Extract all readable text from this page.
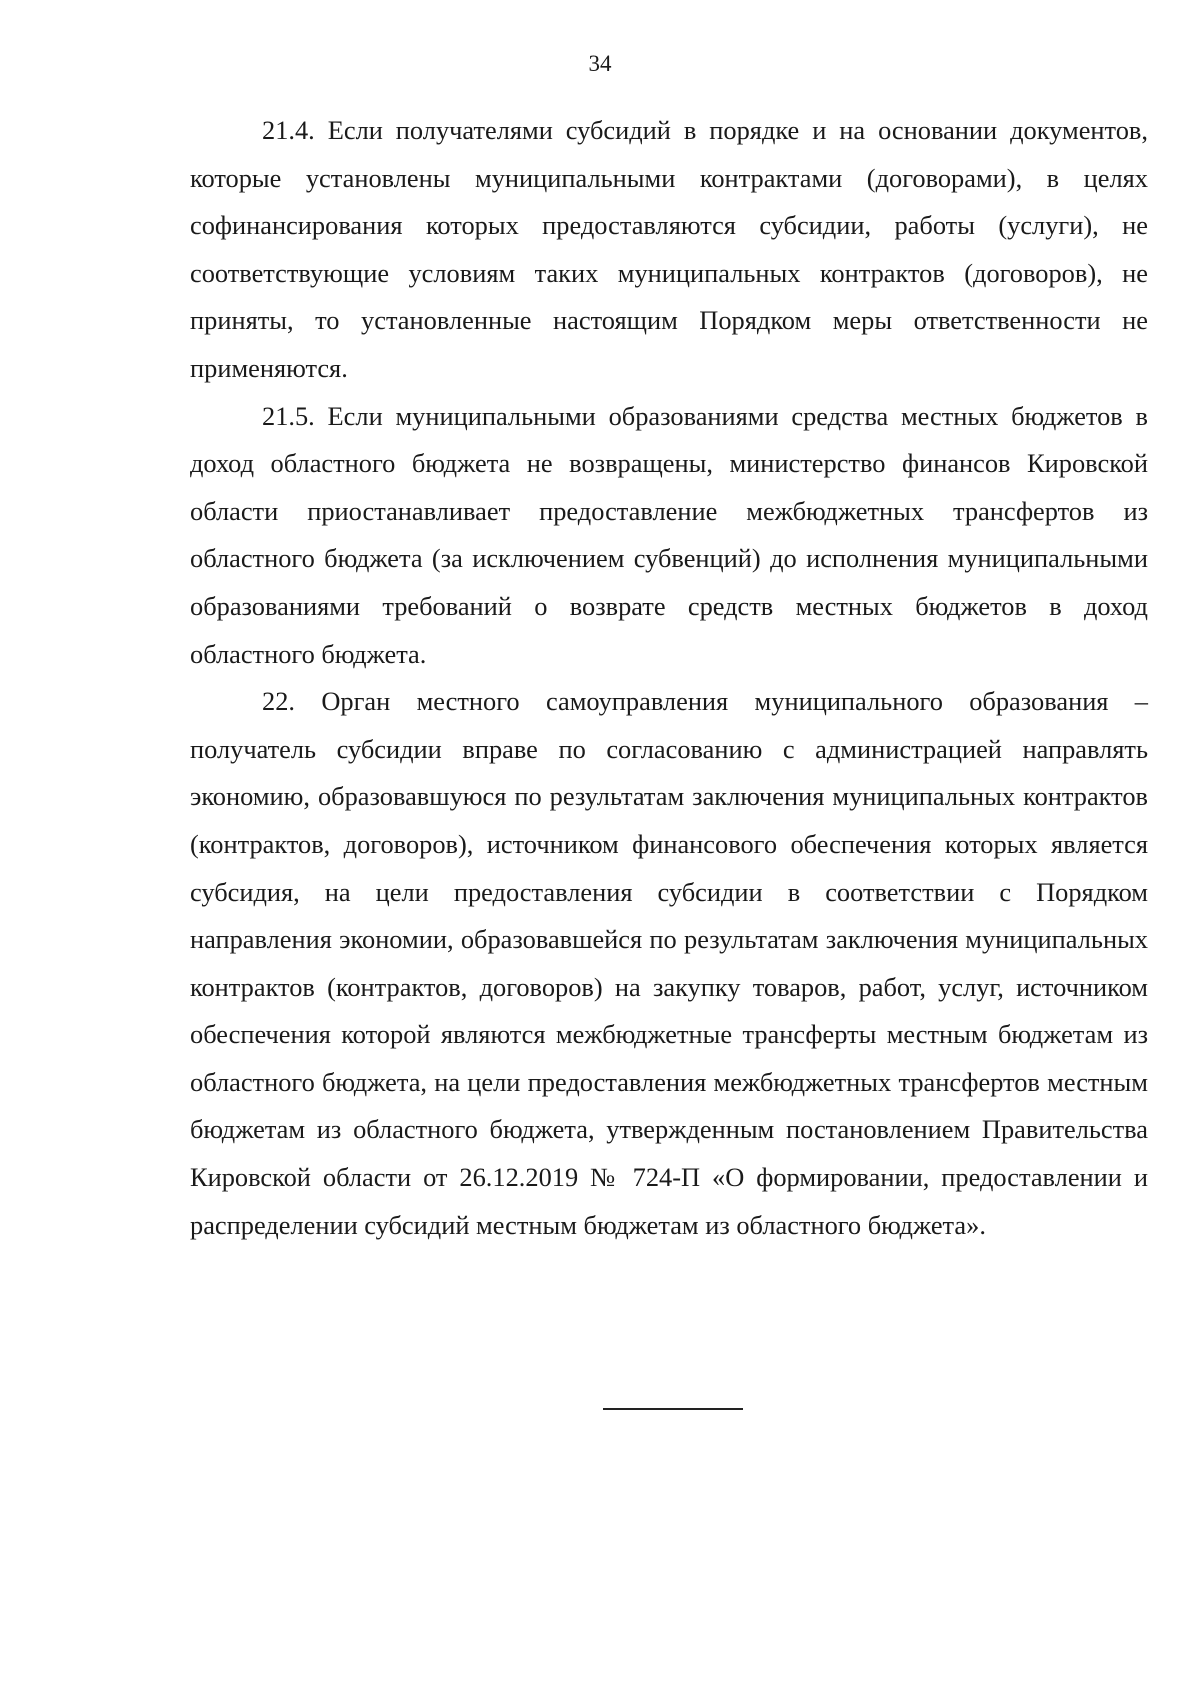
34

21.4. Если получателями субсидий в порядке и на основании документов, которые установлены муниципальными контрактами (договорами), в целях софинансирования которых предоставляются субсидии, работы (услуги), не соответствующие условиям таких муниципальных контрактов (договоров), не приняты, то установленные настоящим Порядком меры ответственности не применяются.

21.5. Если муниципальными образованиями средства местных бюджетов в доход областного бюджета не возвращены, министерство финансов Кировской области приостанавливает предоставление межбюджетных трансфертов из областного бюджета (за исключением субвенций) до исполнения муниципальными образованиями требований о возврате средств местных бюджетов в доход областного бюджета.

22. Орган местного самоуправления муниципального образования – получатель субсидии вправе по согласованию с администрацией направлять экономию, образовавшуюся по результатам заключения муниципальных контрактов (контрактов, договоров), источником финансового обеспечения которых является субсидия, на цели предоставления субсидии в соответствии с Порядком направления экономии, образовавшейся по результатам заключения муниципальных контрактов (контрактов, договоров) на закупку товаров, работ, услуг, источником обеспечения которой являются межбюджетные трансферты местным бюджетам из областного бюджета, на цели предоставления межбюджетных трансфертов местным бюджетам из областного бюджета, утвержденным постановлением Правительства Кировской области от 26.12.2019 № 724-П «О формировании, предоставлении и распределении субсидий местным бюджетам из областного бюджета».
